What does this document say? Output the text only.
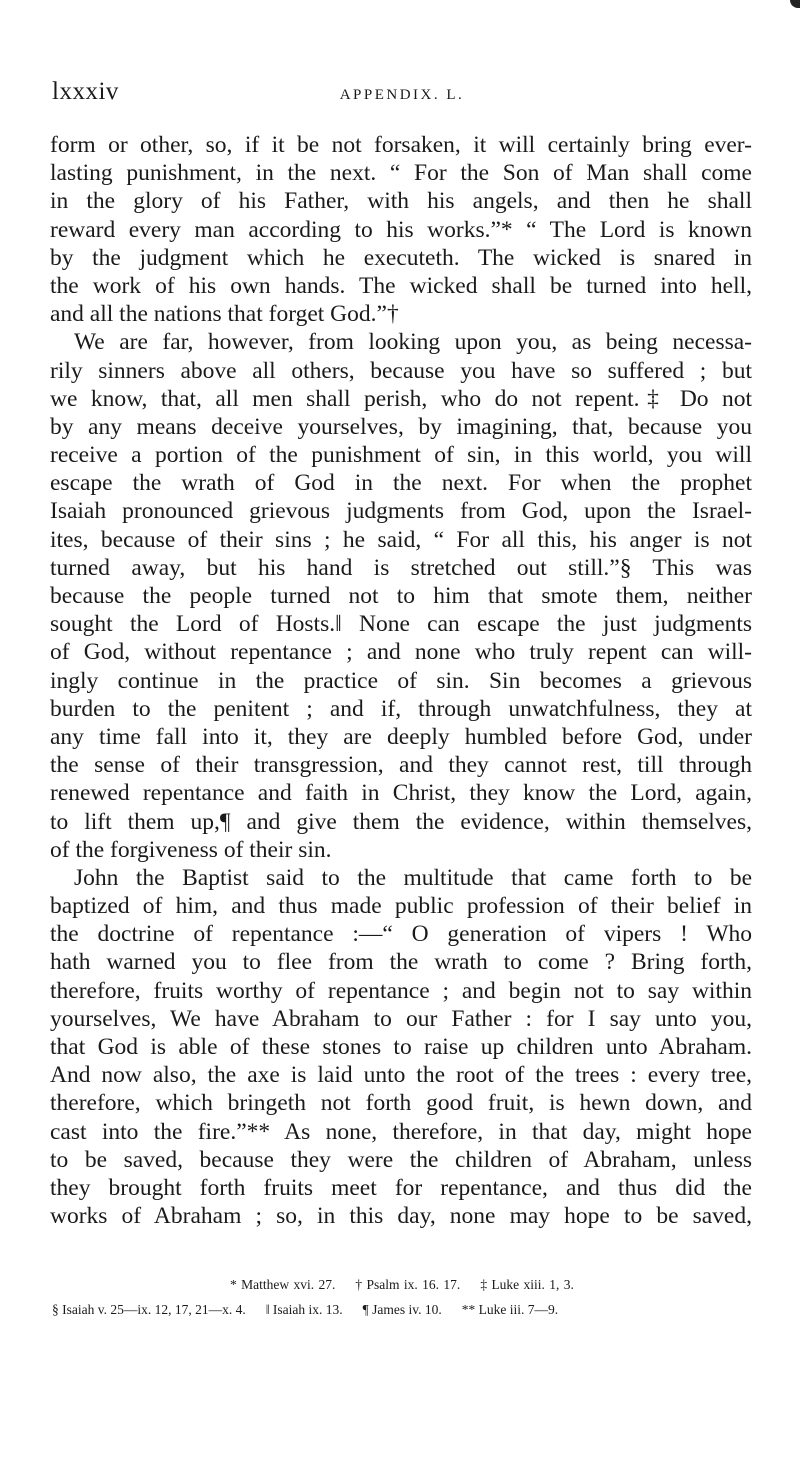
lxxxiv	APPENDIX. L.
form or other, so, if it be not forsaken, it will certainly bring ever-
lasting punishment, in the next. “ For the Son of Man shall come
in the glory of his Father, with his angels, and then he shall
reward every man according to his works.”* “ The Lord is known
by the judgment which he executeth. The wicked is snared in
the work of his own hands. The wicked shall be turned into hell,
and all the nations that forget God.”†
We are far, however, from looking upon you, as being necessa-
rily sinners above all others, because you have so suffered ; but
we know, that, all men shall perish, who do not repent.‡ Do not
by any means deceive yourselves, by imagining, that, because you
receive a portion of the punishment of sin, in this world, you will
escape the wrath of God in the next. For when the prophet
Isaiah pronounced grievous judgments from God, upon the Israel-
ites, because of their sins ; he said, “ For all this, his anger is not
turned away, but his hand is stretched out still.”§ This was
because the people turned not to him that smote them, neither
sought the Lord of Hosts.‖ None can escape the just judgments
of God, without repentance ; and none who truly repent can will-
ingly continue in the practice of sin. Sin becomes a grievous
burden to the penitent ; and if, through unwatchfulness, they at
any time fall into it, they are deeply humbled before God, under
the sense of their transgression, and they cannot rest, till through
renewed repentance and faith in Christ, they know the Lord, again,
to lift them up,¶ and give them the evidence, within themselves,
of the forgiveness of their sin.
John the Baptist said to the multitude that came forth to be
baptized of him, and thus made public profession of their belief in
the doctrine of repentance :—“ O generation of vipers ! Who
hath warned you to flee from the wrath to come ? Bring forth,
therefore, fruits worthy of repentance ; and begin not to say within
yourselves, We have Abraham to our Father : for I say unto you,
that God is able of these stones to raise up children unto Abraham.
And now also, the axe is laid unto the root of the trees : every tree,
therefore, which bringeth not forth good fruit, is hewn down, and
cast into the fire.”** As none, therefore, in that day, might hope
to be saved, because they were the children of Abraham, unless
they brought forth fruits meet for repentance, and thus did the
works of Abraham ; so, in this day, none may hope to be saved,
* Matthew xvi. 27. † Psalm ix. 16. 17. ‡ Luke xiii. 1, 3.
§ Isaiah v. 25—ix. 12, 17, 21—x. 4. ‖ Isaiah ix. 13. ¶ James iv. 10. ** Luke iii. 7—9.
